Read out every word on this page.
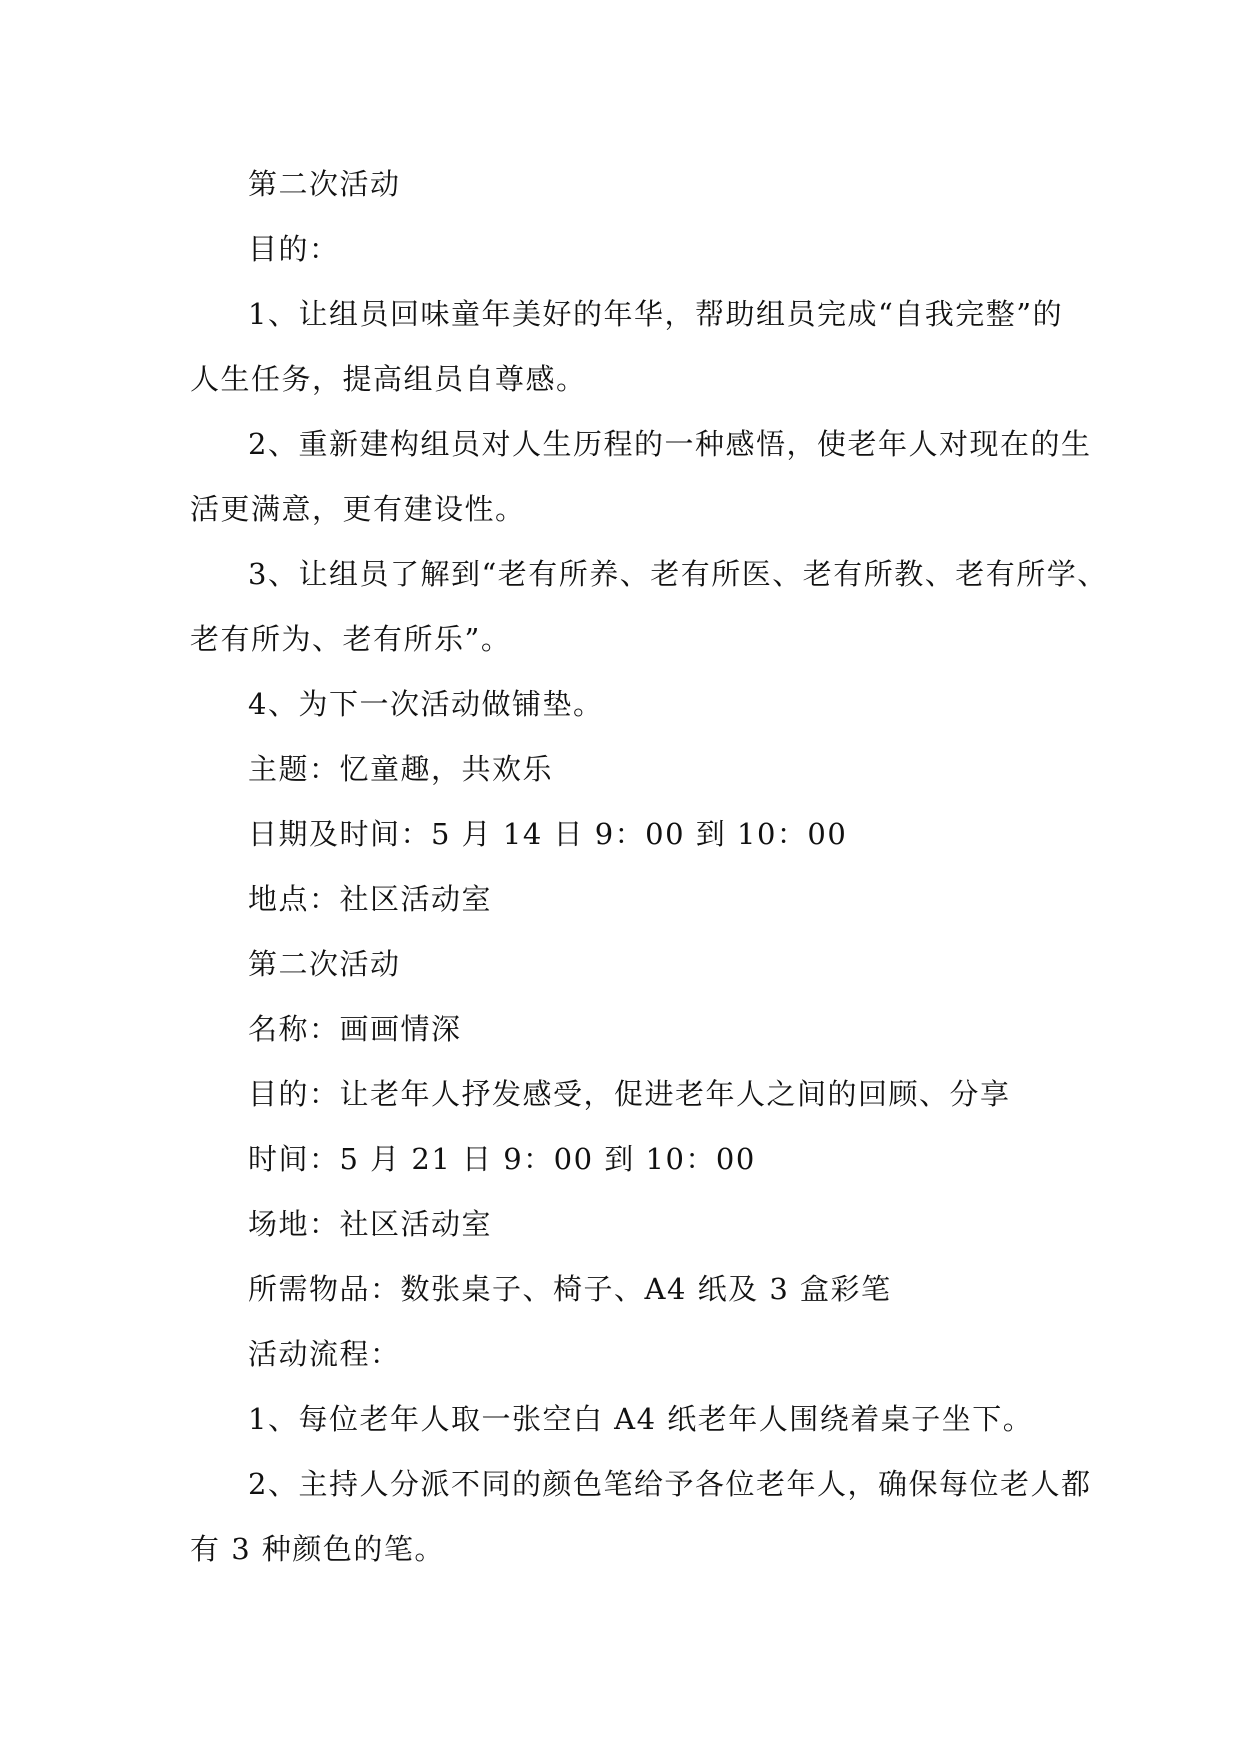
第二次活动
目的：
1、让组员回味童年美好的年华，帮助组员完成“自我完整”的
人生任务，提高组员自尊感。
2、重新建构组员对人生历程的一种感悟，使老年人对现在的生
活更满意，更有建设性。
3、让组员了解到“老有所养、老有所医、老有所教、老有所学、
老有所为、老有所乐”。
4、为下一次活动做铺垫。
主题：忆童趣，共欢乐
日期及时间：5 月 14 日 9：00 到 10：00
地点：社区活动室
第二次活动
名称：画画情深
目的：让老年人抒发感受，促进老年人之间的回顾、分享
时间：5 月 21 日 9：00 到 10：00
场地：社区活动室
所需物品：数张桌子、椅子、A4 纸及 3 盒彩笔
活动流程：
1、每位老年人取一张空白 A4 纸老年人围绕着桌子坐下。
2、主持人分派不同的颜色笔给予各位老年人，确保每位老人都
有 3 种颜色的笔。
